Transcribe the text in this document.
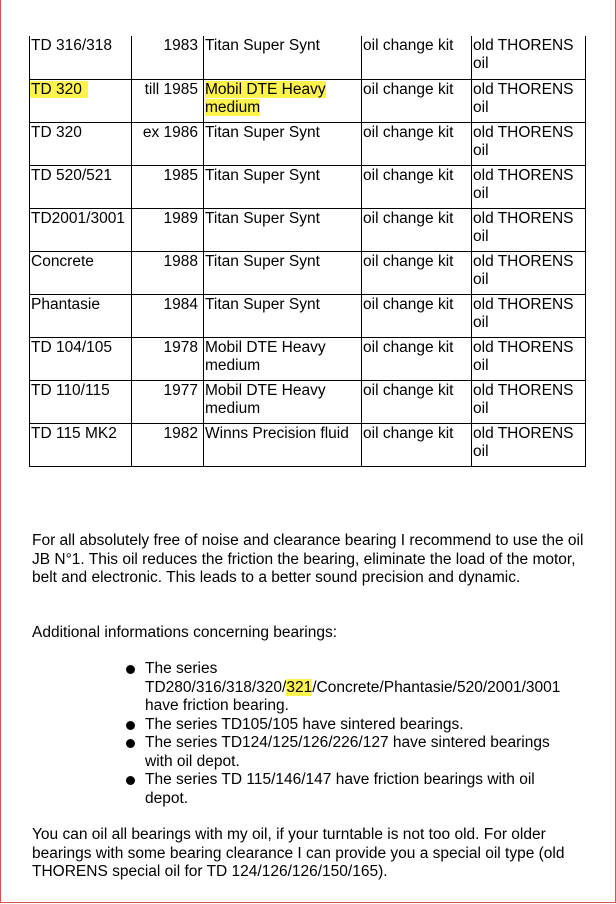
TD 316/318	1983	Titan Super Synt	oil change kit	old THORENS oil
TD 320	till 1985	Mobil DTE Heavy medium	oil change kit	old THORENS oil
TD 320	ex 1986	Titan Super Synt	oil change kit	old THORENS oil
TD 520/521	1985	Titan Super Synt	oil change kit	old THORENS oil
TD2001/3001	1989	Titan Super Synt	oil change kit	old THORENS oil
Concrete	1988	Titan Super Synt	oil change kit	old THORENS oil
Phantasie	1984	Titan Super Synt	oil change kit	old THORENS oil
TD 104/105	1978	Mobil DTE Heavy medium	oil change kit	old THORENS oil
TD 110/115	1977	Mobil DTE Heavy medium	oil change kit	old THORENS oil
TD 115 MK2	1982	Winns Precision fluid	oil change kit	old THORENS oil

For all absolutely free of noise and clearance bearing I recommend to use the oil JB N°1. This oil reduces the friction the bearing, eliminate the load of the motor, belt and electronic. This leads to a better sound precision and dynamic.

Additional informations concerning bearings:

The series TD280/316/318/320/321/Concrete/Phantasie/520/2001/3001 have friction bearing.
The series TD105/105 have sintered bearings.
The series TD124/125/126/226/127 have sintered bearings with oil depot.
The series TD 115/146/147 have friction bearings with oil depot.

You can oil all bearings with my oil, if your turntable is not too old. For older bearings with some bearing clearance I can provide you a special oil type (old THORENS special oil for TD 124/126/126/150/165).
